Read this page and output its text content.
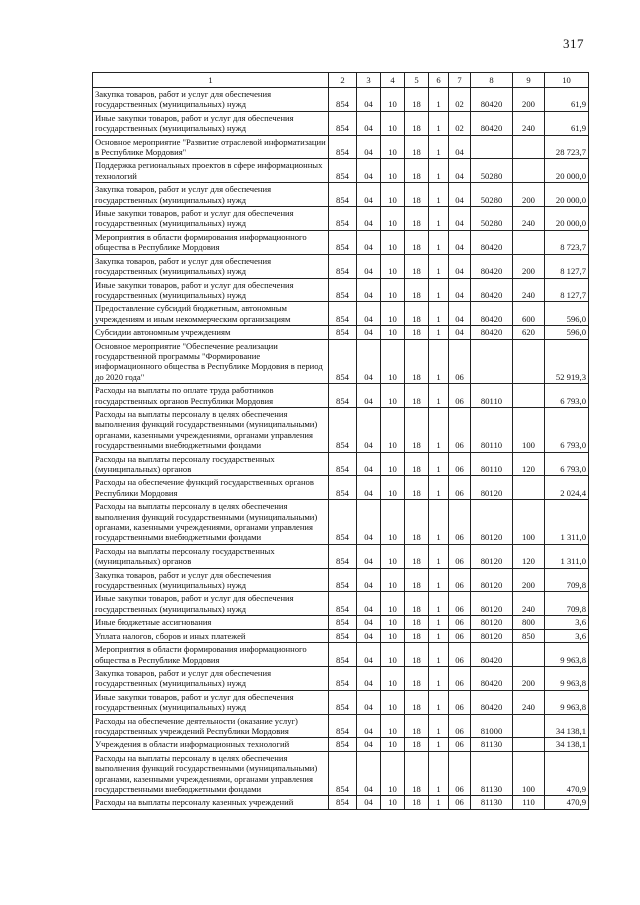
317
1	2	3	4	5	6	7	8	9	10
Закупка товаров, работ и услуг для обеспечения государственных (муниципальных) нужд	854	04	10	18	1	02	80420	200	61,9
Иные закупки товаров, работ и услуг для обеспечения государственных (муниципальных) нужд	854	04	10	18	1	02	80420	240	61,9
Основное мероприятие "Развитие отраслевой информатизации в Республике Мордовия"	854	04	10	18	1	04			28 723,7
Поддержка региональных проектов в сфере информационных технологий	854	04	10	18	1	04	50280		20 000,0
Закупка товаров, работ и услуг для обеспечения государственных (муниципальных) нужд	854	04	10	18	1	04	50280	200	20 000,0
Иные закупки товаров, работ и услуг для обеспечения государственных (муниципальных) нужд	854	04	10	18	1	04	50280	240	20 000,0
Мероприятия в области формирования информационного общества в Республике Мордовия	854	04	10	18	1	04	80420		8 723,7
Закупка товаров, работ и услуг для обеспечения государственных (муниципальных) нужд	854	04	10	18	1	04	80420	200	8 127,7
Иные закупки товаров, работ и услуг для обеспечения государственных (муниципальных) нужд	854	04	10	18	1	04	80420	240	8 127,7
Предоставление субсидий бюджетным, автономным учреждениям и иным некоммерческим организациям	854	04	10	18	1	04	80420	600	596,0
Субсидии автономным учреждениям	854	04	10	18	1	04	80420	620	596,0
Основное мероприятие "Обеспечение реализации государственной программы "Формирование информационного общества в Республике Мордовия в период до 2020 года"	854	04	10	18	1	06			52 919,3
Расходы на выплаты по оплате труда работников государственных органов Республики Мордовия	854	04	10	18	1	06	80110		6 793,0
Расходы на выплаты персоналу в целях обеспечения выполнения функций государственными (муниципальными) органами, казенными учреждениями, органами управления государственными внебюджетными фондами	854	04	10	18	1	06	80110	100	6 793,0
Расходы на выплаты персоналу государственных (муниципальных) органов	854	04	10	18	1	06	80110	120	6 793,0
Расходы на обеспечение функций государственных органов Республики Мордовия	854	04	10	18	1	06	80120		2 024,4
Расходы на выплаты персоналу в целях обеспечения выполнения функций государственными (муниципальными) органами, казенными учреждениями, органами управления государственными внебюджетными фондами	854	04	10	18	1	06	80120	100	1 311,0
Расходы на выплаты персоналу государственных (муниципальных) органов	854	04	10	18	1	06	80120	120	1 311,0
Закупка товаров, работ и услуг для обеспечения государственных (муниципальных) нужд	854	04	10	18	1	06	80120	200	709,8
Иные закупки товаров, работ и услуг для обеспечения государственных (муниципальных) нужд	854	04	10	18	1	06	80120	240	709,8
Иные бюджетные ассигнования	854	04	10	18	1	06	80120	800	3,6
Уплата налогов, сборов и иных платежей	854	04	10	18	1	06	80120	850	3,6
Мероприятия в области формирования информационного общества в Республике Мордовия	854	04	10	18	1	06	80420		9 963,8
Закупка товаров, работ и услуг для обеспечения государственных (муниципальных) нужд	854	04	10	18	1	06	80420	200	9 963,8
Иные закупки товаров, работ и услуг для обеспечения государственных (муниципальных) нужд	854	04	10	18	1	06	80420	240	9 963,8
Расходы на обеспечение деятельности (оказание услуг) государственных учреждений Республики Мордовия	854	04	10	18	1	06	81000		34 138,1
Учреждения в области информационных технологий	854	04	10	18	1	06	81130		34 138,1
Расходы на выплаты персоналу в целях обеспечения выполнения функций государственными (муниципальными) органами, казенными учреждениями, органами управления государственными внебюджетными фондами	854	04	10	18	1	06	81130	100	470,9
Расходы на выплаты персоналу казенных учреждений	854	04	10	18	1	06	81130	110	470,9
